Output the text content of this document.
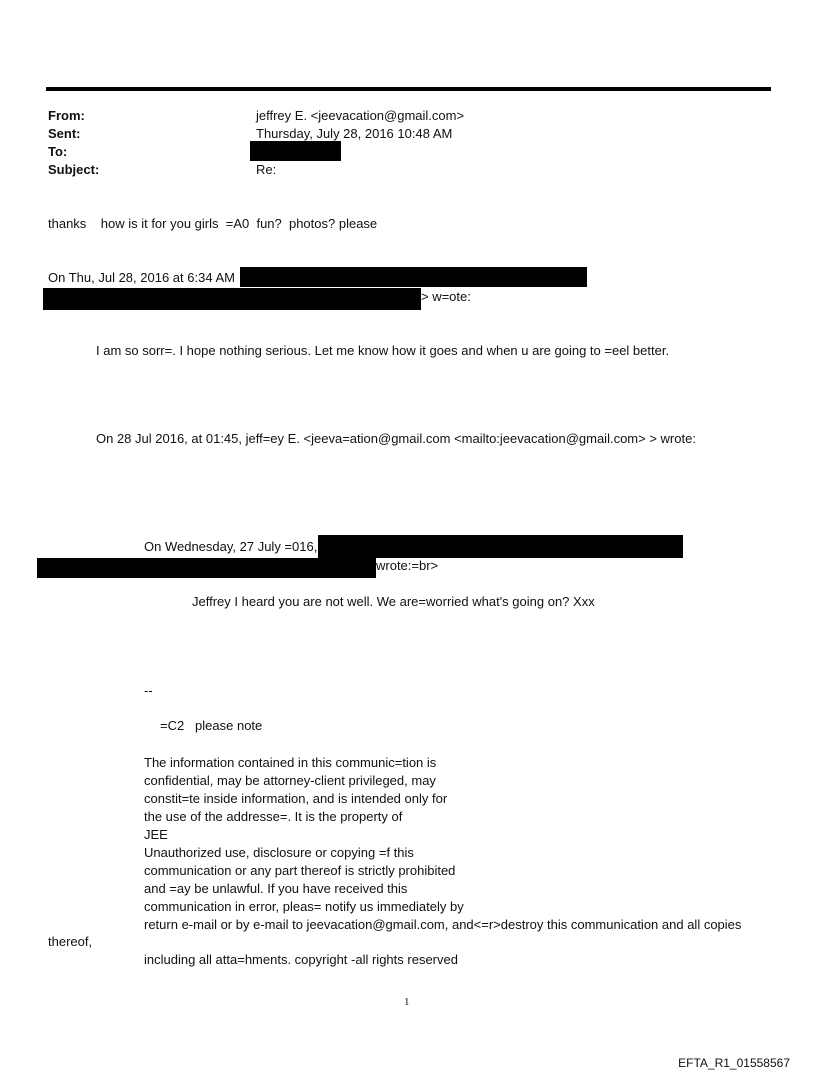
From:	jeffrey E. <jeevacation@gmail.com>
Sent:	Thursday, July 28, 2016 10:48 AM
To:
Subject:	Re:
thanks    how is it for you girls  =A0  fun?  photos? please
On Thu, Jul 28, 2016 at 6:34 AM
> w=ote:
I am so sorr=. I hope nothing serious. Let me know how it goes and when u are going to =eel better.
On 28 Jul 2016, at 01:45, jeff=ey E. <jeeva=ation@gmail.com <mailto:jeevacation@gmail.com> > wrote:
On Wednesday, 27 July =016,
wrote:=br>
Jeffrey I heard you are not well. We are=worried what's going on? Xxx
--
=C2   please note
The information contained in this communic=tion is
confidential, may be attorney-client privileged, may
constit=te inside information, and is intended only for
the use of the addresse=. It is the property of
JEE
Unauthorized use, disclosure or copying =f this
communication or any part thereof is strictly prohibited
and =ay be unlawful. If you have received this
communication in error, pleas= notify us immediately by
return e-mail or by e-mail to jeevacation@gmail.com, and<=r>destroy this communication and all copies
thereof,
including all atta=hments. copyright -all rights reserved
1
EFTA_R1_01558567
